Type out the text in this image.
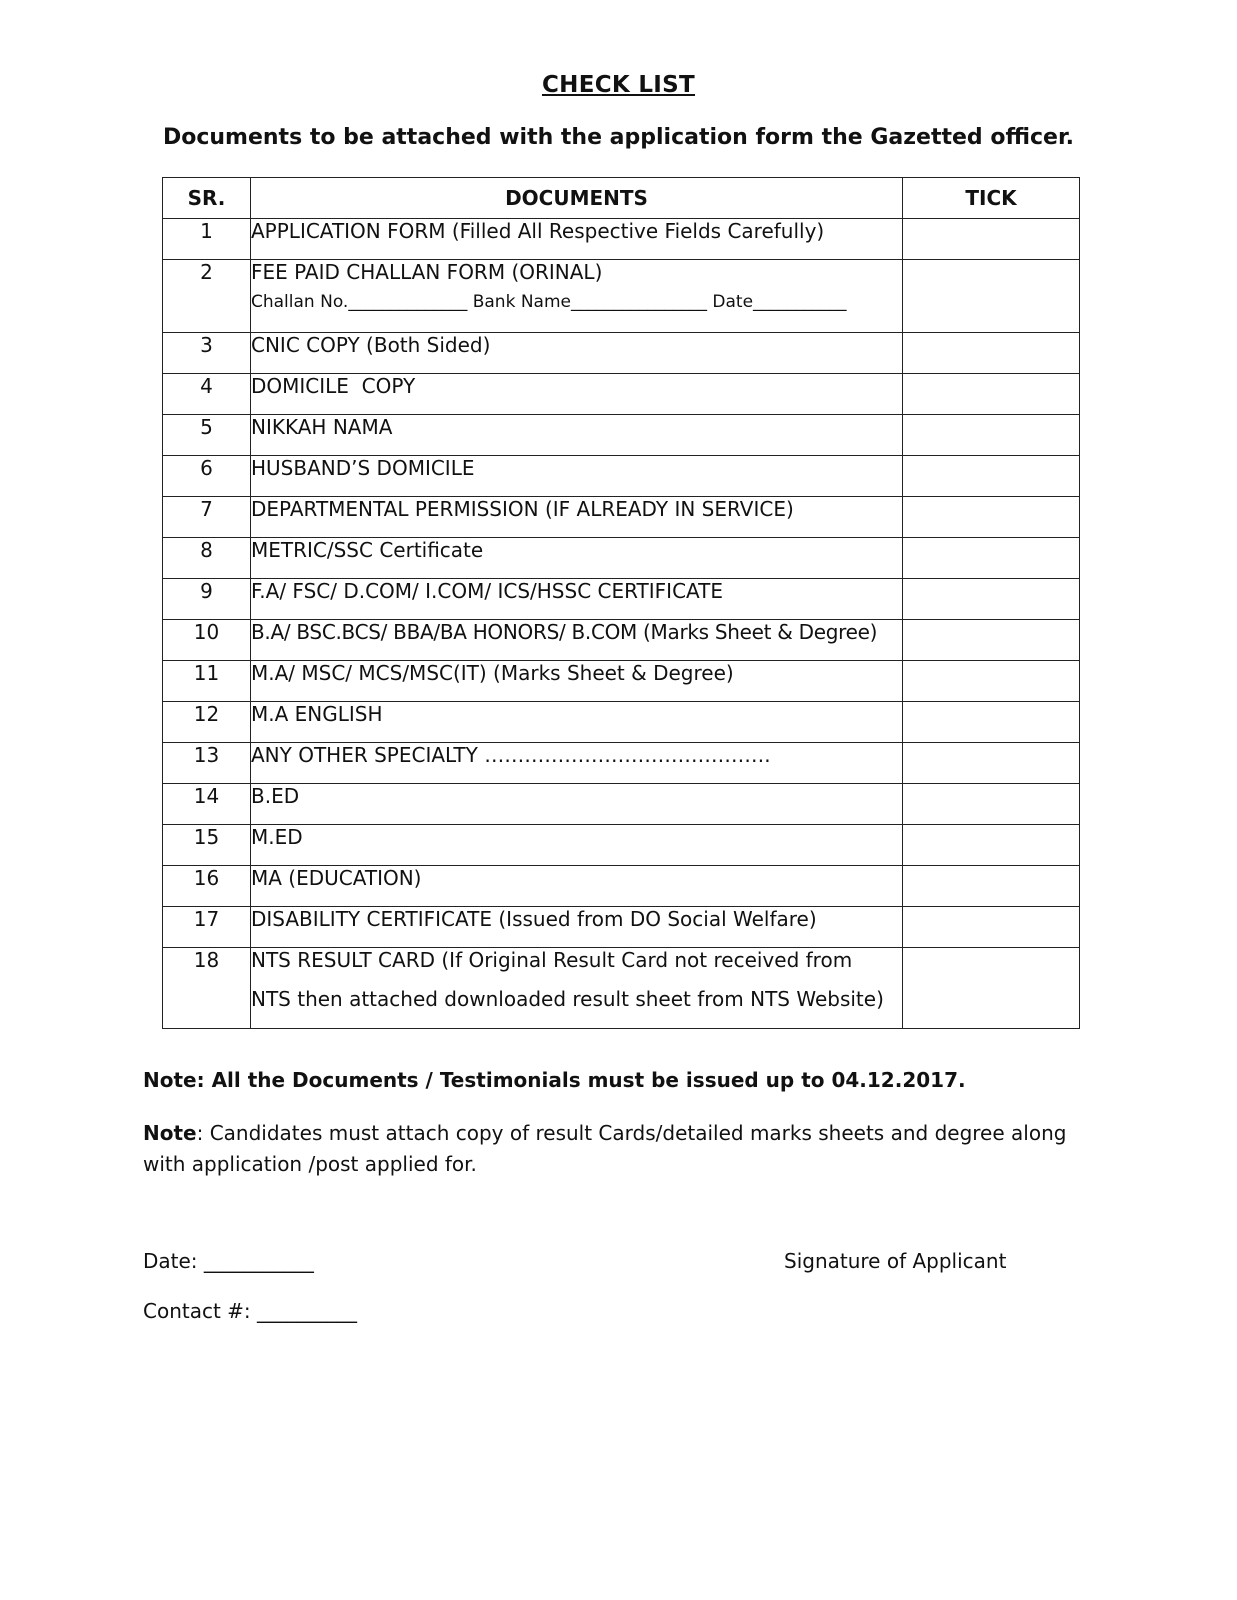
CHECK LIST
Documents to be attached with the application form the Gazetted officer.
SR.	DOCUMENTS	TICK
1	APPLICATION FORM (Filled All Respective Fields Carefully)	
2	FEE PAID CHALLAN FORM (ORINAL)
Challan No.______________ Bank Name________________ Date___________	

3	CNIC COPY (Both Sided)	
4	DOMICILE  COPY	
5	NIKKAH NAMA	
6	HUSBAND’S DOMICILE	
7	DEPARTMENTAL PERMISSION (IF ALREADY IN SERVICE)	
8	METRIC/SSC Certificate	
9	F.A/ FSC/ D.COM/ I.COM/ ICS/HSSC CERTIFICATE	
10	B.A/ BSC.BCS/ BBA/BA HONORS/ B.COM (Marks Sheet & Degree)	
11	M.A/ MSC/ MCS/MSC(IT) (Marks Sheet & Degree)	
12	M.A ENGLISH	
13	ANY OTHER SPECIALTY …………………………………….	
14	B.ED	
15	M.ED	
16	MA (EDUCATION)	
17	DISABILITY CERTIFICATE (Issued from DO Social Welfare)	
18	NTS RESULT CARD (If Original Result Card not received from
NTS then attached downloaded result sheet from NTS Website)	

Note: All the Documents / Testimonials must be issued up to 04.12.2017.
Note: Candidates must attach copy of result Cards/detailed marks sheets and degree along with application /post applied for.
Date: ___________	Signature of Applicant
Contact #: __________
